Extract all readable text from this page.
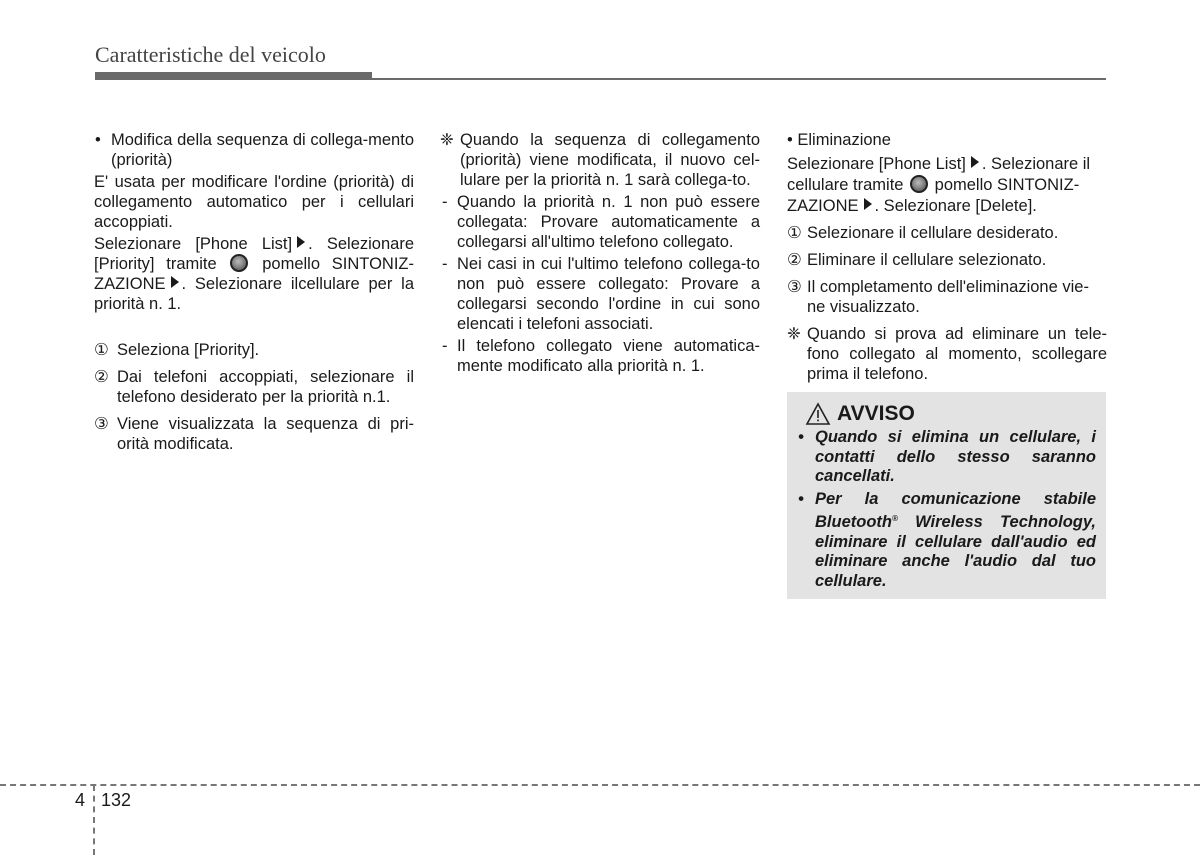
Caratteristiche del veicolo
• Modifica della sequenza di collega-mento (priorità)
E' usata per modificare l'ordine (priorità) di collegamento automatico per i cellulari accoppiati.
Selezionare [Phone List] . Selezionare [Priority] tramite	pomello SINTONIZ-ZAZIONE . Selezionare ilcellulare per la priorità n. 1.
① Seleziona [Priority].
② Dai telefoni accoppiati, selezionare il telefono desiderato per la priorità n.1.
③ Viene visualizzata la sequenza di pri-orità modificata.
❈ Quando la sequenza di collegamento (priorità) viene modificata, il nuovo cel-lulare per la priorità n. 1 sarà collega-to.
- Quando la priorità n. 1 non può essere collegata: Provare automaticamente a collegarsi all'ultimo telefono collegato.
- Nei casi in cui l'ultimo telefono collega-to non può essere collegato: Provare a collegarsi secondo l'ordine in cui sono elencati i telefoni associati.
- Il telefono collegato viene automatica-mente modificato alla priorità n. 1.
• Eliminazione
Selezionare [Phone List] . Selezionare il cellulare tramite pomello SINTONIZ-ZAZIONE . Selezionare [Delete].
① Selezionare il cellulare desiderato.
② Eliminare il cellulare selezionato.
③ Il completamento dell'eliminazione vie-ne visualizzato.
❈ Quando si prova ad eliminare un tele-fono collegato al momento, scollegare prima il telefono.
AVVISO
• Quando si elimina un cellulare, i contatti dello stesso saranno cancellati.
• Per la comunicazione stabile Bluetooth® Wireless Technology, eliminare il cellulare dall'audio ed eliminare anche l'audio dal tuo cellulare.
4 132
